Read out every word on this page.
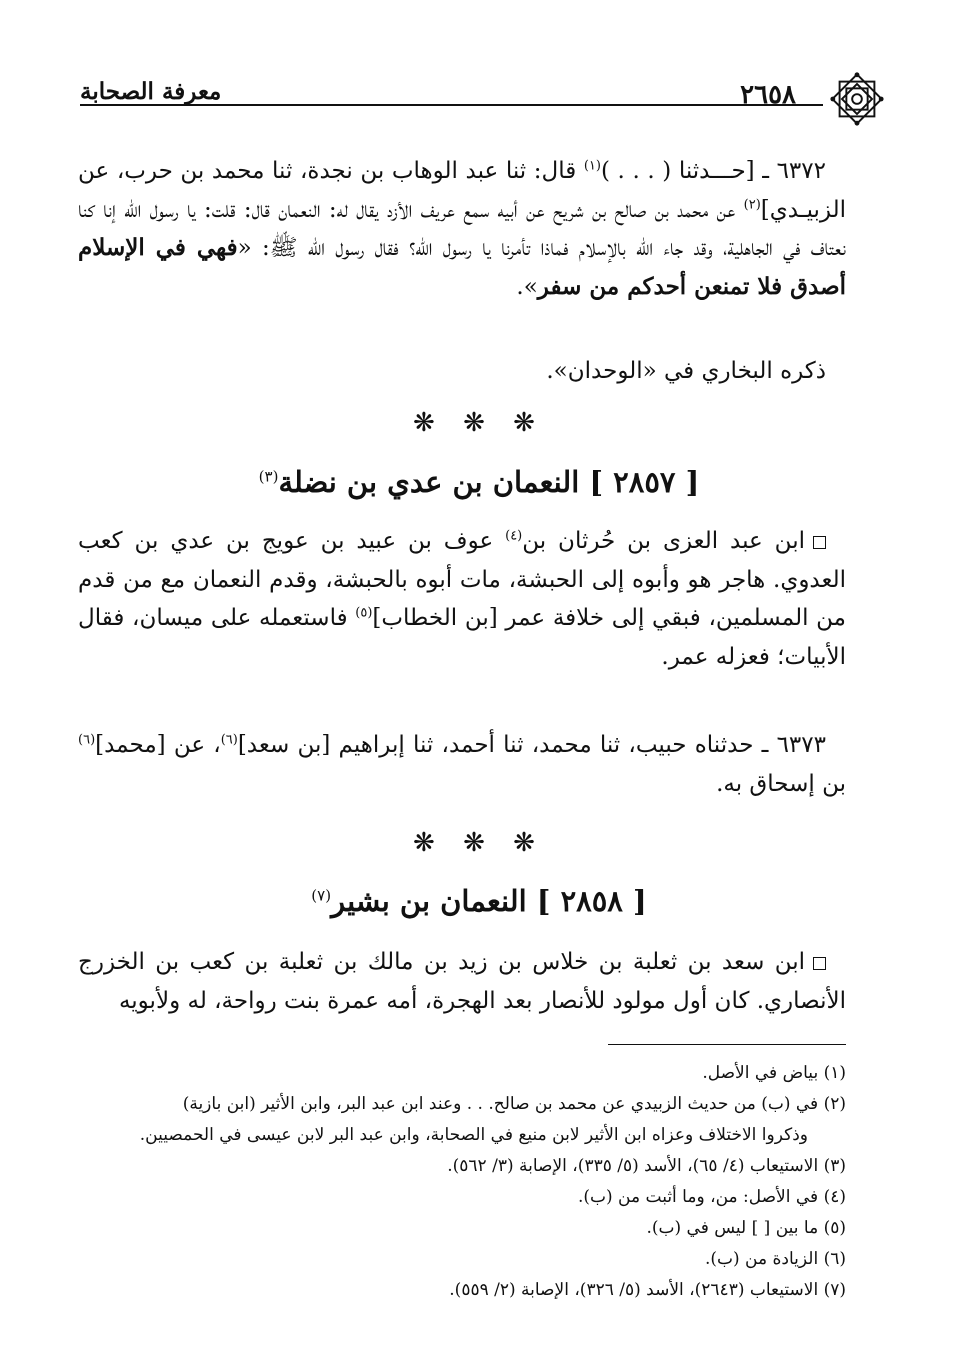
٢٦٥٨
معرفة الصحابة
٦٣٧٢ ـ [حـــدثنا ( . . . )$^{(١)}$ قال: ثنا عبد الوهاب بن نجدة، ثنا محمد بن حرب، عن الزبيـدي]$^{(٢)}$ عن محمد بن صالح بن شريح عن أبيه سمع عريف الأزد يقال له: النعمان قال: قلت: يا رسول الله إنا كنا نعتاف في الجاهلية، وقد جاء الله بالإسلام فماذا تأمرنا يا رسول الله؟ فقال رسول الله ﷺ: «فهي في الإسلام أصدق فلا تمنعن أحدكم من سفر».
ذكره البخاري في «الوحدان».
❋ ❋ ❋
[ ٢٨٥٧ ] النعمان بن عدي بن نضلة$^{(٣)}$
ابن عبد العزى بن حُرثان بن$^{(٤)}$ عوف بن عبيد بن عويج بن عدي بن كعب العدوي. هاجر هو وأبوه إلى الحبشة، مات أبوه بالحبشة، وقدم النعمان مع من قدم من المسلمين، فبقي إلى خلافة عمر [بن الخطاب]$^{(٥)}$ فاستعمله على ميسان، فقال الأبيات؛ فعزله عمر.
٦٣٧٣ ـ حدثناه حبيب، ثنا محمد، ثنا أحمد، ثنا إبراهيم [بن سعد]$^{(٦)}$، عن [محمد]$^{(٦)}$ بن إسحاق به.
❋ ❋ ❋
[ ٢٨٥٨ ] النعمان بن بشير$^{(٧)}$
ابن سعد بن ثعلبة بن خلاس بن زيد بن مالك بن ثعلبة بن كعب بن الخزرج الأنصاري. كان أول مولود للأنصار بعد الهجرة، أمه عمرة بنت رواحة، له ولأبويه
(١) بياض في الأصل.
(٢) في (ب) من حديث الزبيدي عن محمد بن صالح. . . وعند ابن عبد البر، وابن الأثير (ابن بازية)
وذكروا الاختلاف وعزاه ابن الأثير لابن منيع في الصحابة، وابن عبد البر لابن عيسى في الحمصيين.
(٣) الاستيعاب (٤/ ٦٥)، الأسد (٥/ ٣٣٥)، الإصابة (٣/ ٥٦٢).
(٤) في الأصل: من، وما أثبت من (ب).
(٥) ما بين [ ] ليس في (ب).
(٦) الزيادة من (ب).
(٧) الاستيعاب (٢٦٤٣)، الأسد (٥/ ٣٢٦)، الإصابة (٢/ ٥٥٩).
